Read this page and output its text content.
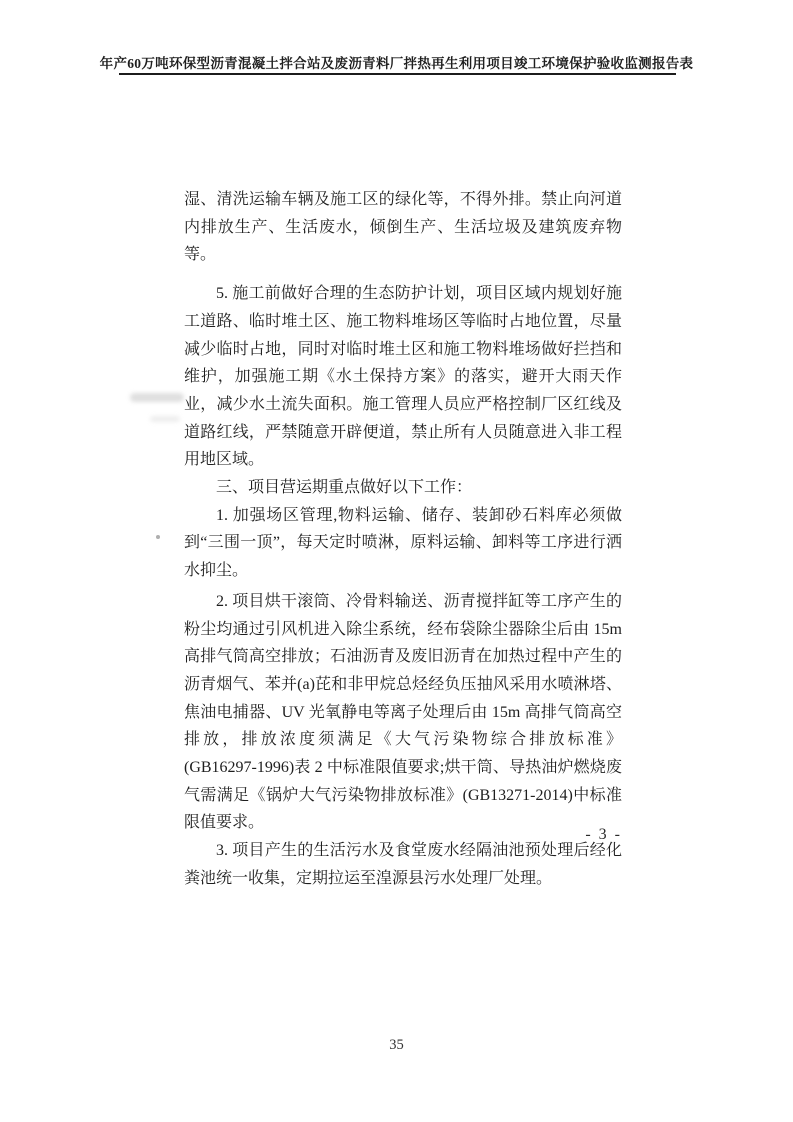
年产60万吨环保型沥青混凝土拌合站及废沥青料厂拌热再生利用项目竣工环境保护验收监测报告表
湿、清洗运输车辆及施工区的绿化等，不得外排。禁止向河道内排放生产、生活废水，倾倒生产、生活垃圾及建筑废弃物等。
5. 施工前做好合理的生态防护计划，项目区域内规划好施工道路、临时堆土区、施工物料堆场区等临时占地位置，尽量减少临时占地，同时对临时堆土区和施工物料堆场做好拦挡和维护，加强施工期《水土保持方案》的落实，避开大雨天作业，减少水土流失面积。施工管理人员应严格控制厂区红线及道路红线，严禁随意开辟便道，禁止所有人员随意进入非工程用地区域。
三、项目营运期重点做好以下工作：
1. 加强场区管理,物料运输、储存、装卸砂石料库必须做到“三围一顶”，每天定时喷淋，原料运输、卸料等工序进行洒水抑尘。
2. 项目烘干滚筒、冷骨料输送、沥青搅拌缸等工序产生的粉尘均通过引风机进入除尘系统，经布袋除尘器除尘后由 15m 高排气筒高空排放；石油沥青及废旧沥青在加热过程中产生的沥青烟气、苯并(a)芘和非甲烷总烃经负压抽风采用水喷淋塔、焦油电捕器、UV 光氧静电等离子处理后由 15m 高排气筒高空排放，排放浓度须满足《大气污染物综合排放标准》(GB16297-1996)表 2 中标准限值要求;烘干筒、导热油炉燃烧废气需满足《锅炉大气污染物排放标准》(GB13271-2014)中标准限值要求。
3. 项目产生的生活污水及食堂废水经隔油池预处理后经化粪池统一收集，定期拉运至湟源县污水处理厂处理。
- 3 -
35
